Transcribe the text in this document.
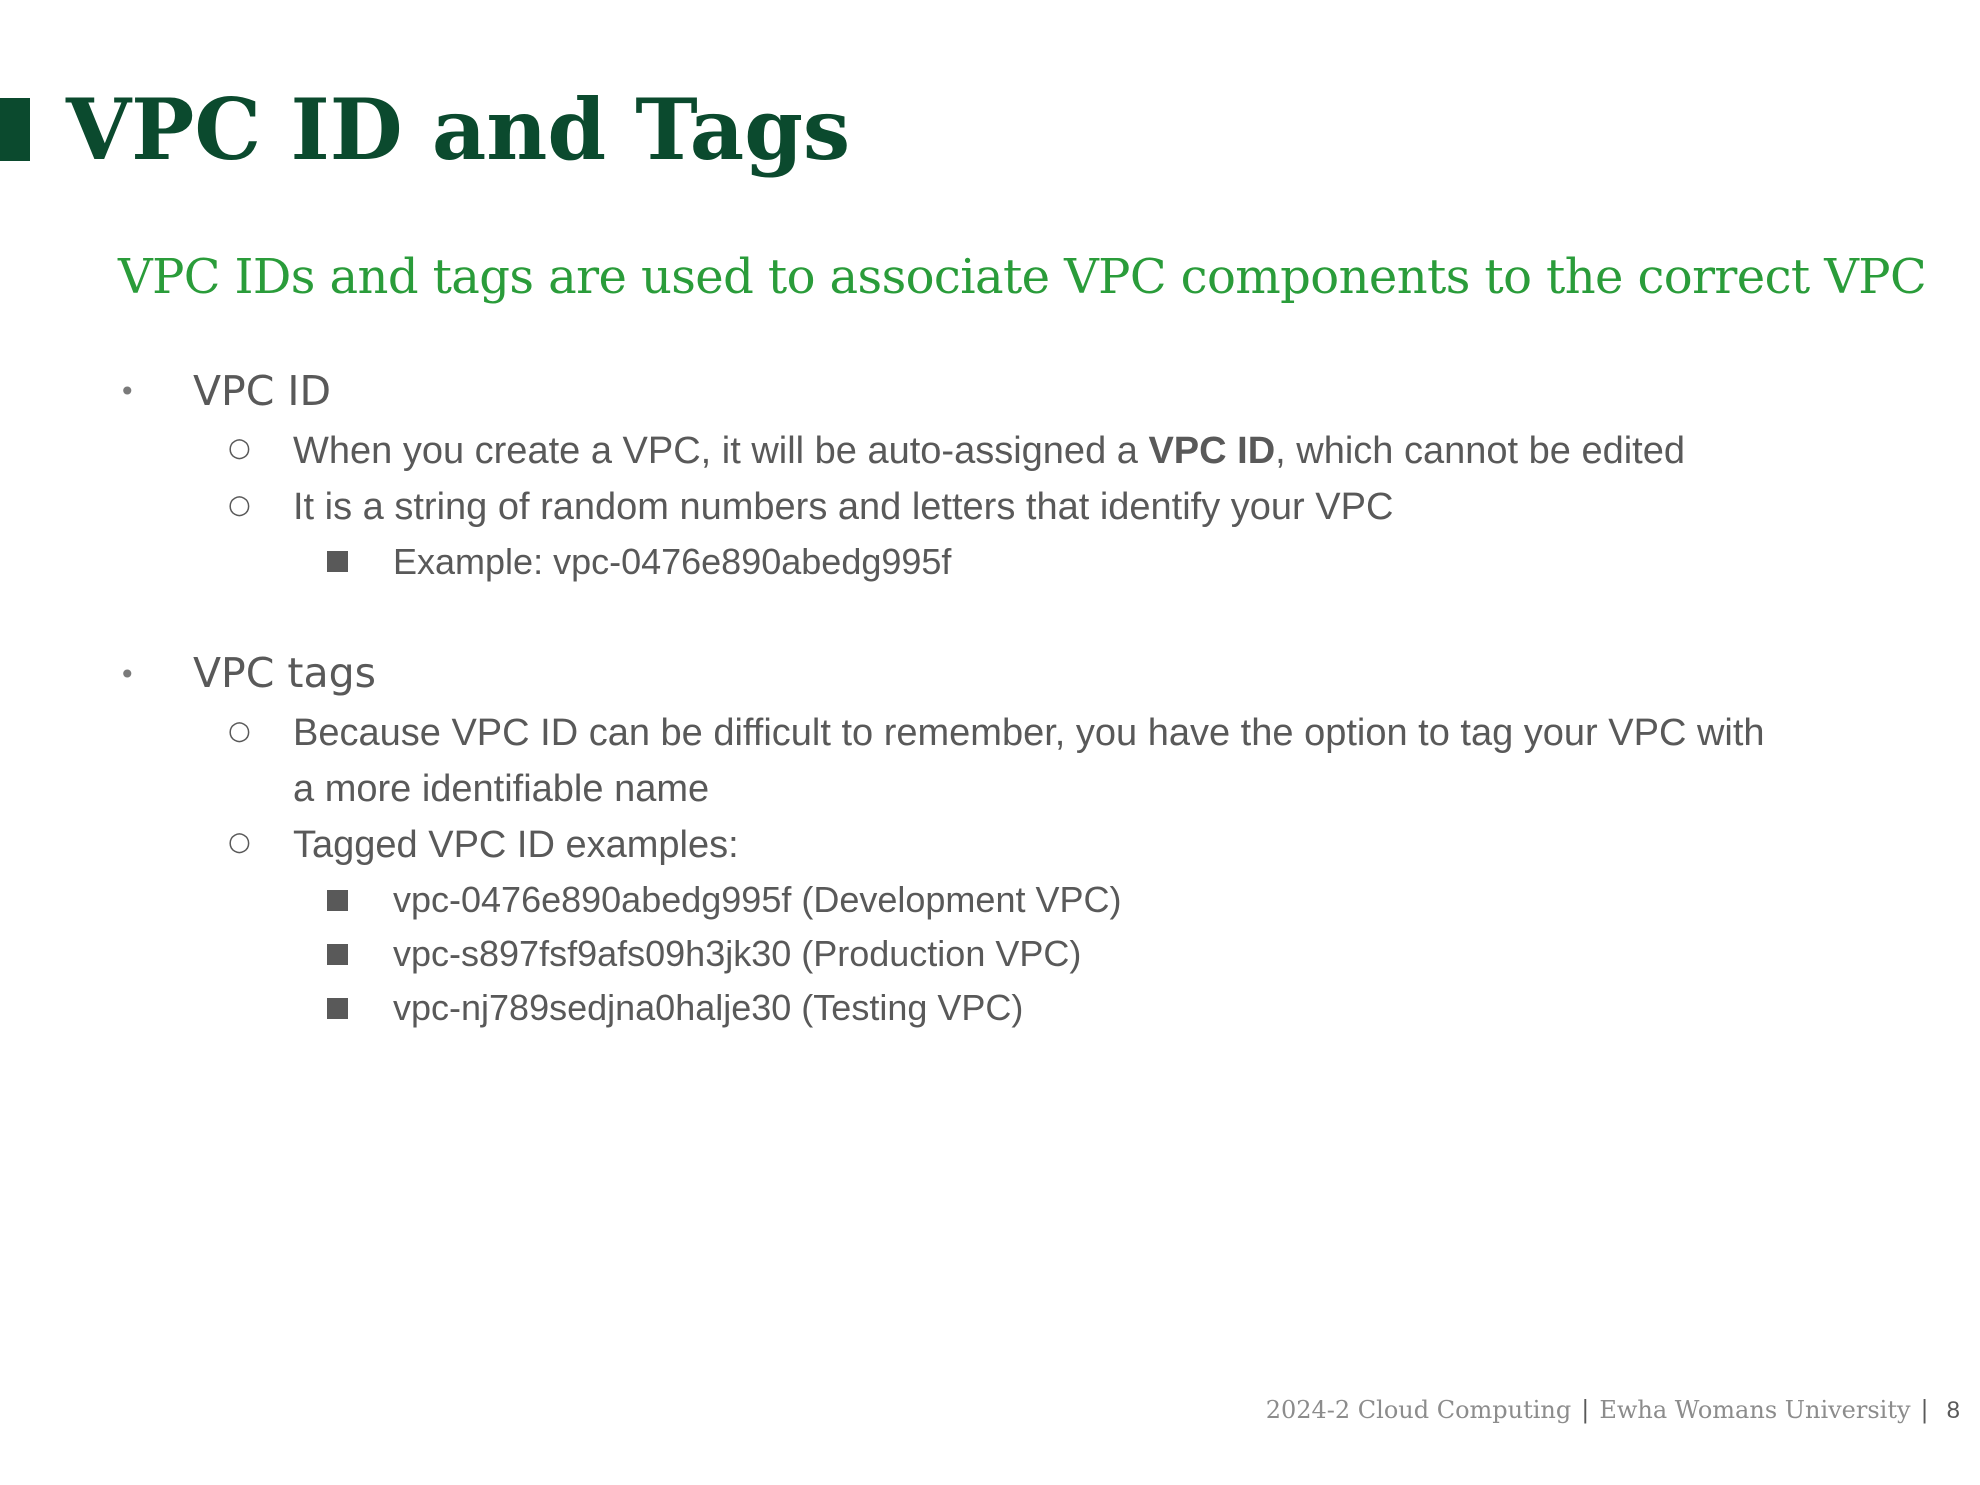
VPC ID and Tags

VPC IDs and tags are used to associate VPC components to the correct VPC

• VPC ID
○ When you create a VPC, it will be auto-assigned a VPC ID, which cannot be edited
○ It is a string of random numbers and letters that identify your VPC
Example: vpc-0476e890abedg995f
• VPC tags
○ Because VPC ID can be difficult to remember, you have the option to tag your VPC with
a more identifiable name
○ Tagged VPC ID examples:
vpc-0476e890abedg995f (Development VPC)
vpc-s897fsf9afs09h3jk30 (Production VPC)
vpc-nj789sedjna0halje30 (Testing VPC)
2024-2 Cloud Computing | Ewha Womans University | 8
